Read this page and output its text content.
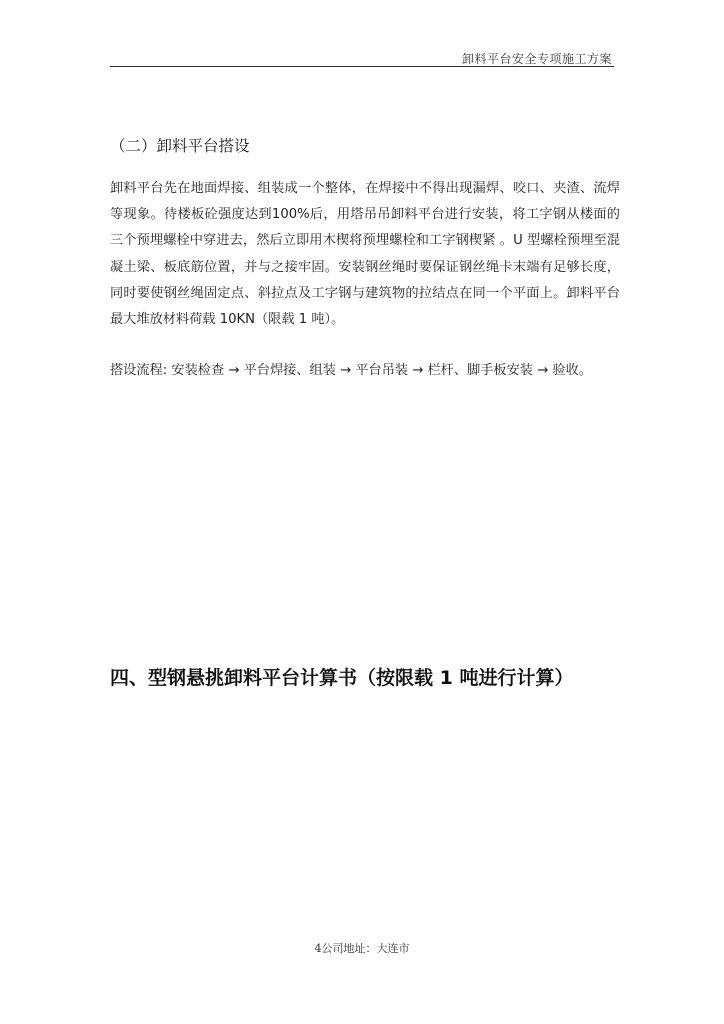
卸料平台安全专项施工方案
（二）卸料平台搭设

卸料平台先在地面焊接、组装成一个整体，在焊接中不得出现漏焊、咬口、夹渣、流焊等现象。待楼板砼强度达到100%后，用塔吊吊卸料平台进行安装，将工字钢从楼面的三个预埋螺栓中穿进去，然后立即用木楔将预埋螺栓和工字钢楔紧 。U 型螺栓预埋至混凝土梁、板底筋位置，并与之接牢固。安装钢丝绳时要保证钢丝绳卡末端有足够长度，同时要使钢丝绳固定点、斜拉点及工字钢与建筑物的拉结点在同一个平面上。卸料平台最大堆放材料荷载 10KN（限载 1 吨）。

搭设流程: 安装检查 → 平台焊接、组装 → 平台吊装 → 栏杆、脚手板安装 → 验收。

四、型钢悬挑卸料平台计算书（按限载 1 吨进行计算）
4公司地址：大连市
